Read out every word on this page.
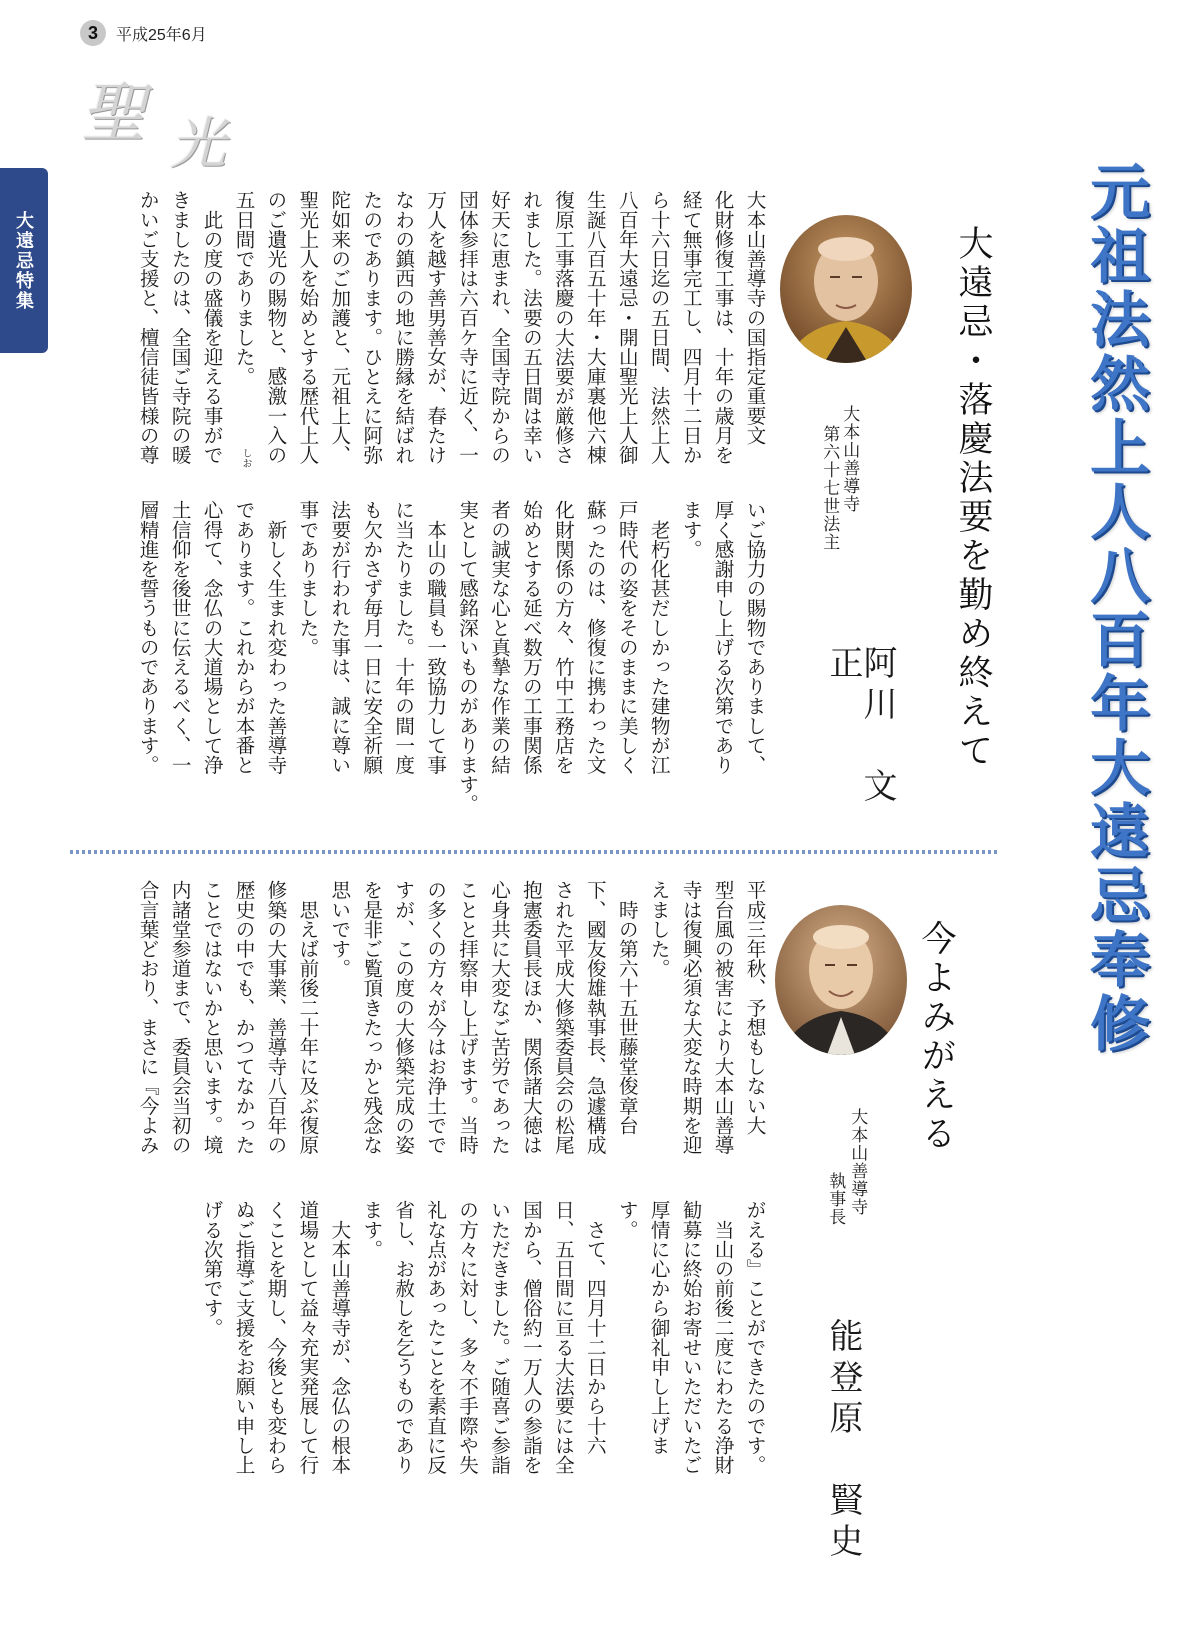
3	平成25年6月
聖 光
大遠忌特集	元祖法然上人八百年大遠忌奉修
大遠忌・落慶法要を勤め終えて
大本山善導寺
第六十七世法主
阿川　文正
大本山善導寺の国指定重要文
化財修復工事は、十年の歳月を
経て無事完工し、四月十二日か
ら十六日迄の五日間、法然上人
八百年大遠忌・開山聖光上人御
生誕八百五十年・大庫裏他六棟
復原工事落慶の大法要が厳修さ
れました。法要の五日間は幸い
好天に恵まれ、全国寺院からの
団体参拝は六百ケ寺に近く、一
万人を越す善男善女が、春たけ
なわの鎮西の地に勝縁を結ばれ
たのであります。ひとえに阿弥
陀如来のご加護と、元祖上人、
聖光上人を始めとする歴代上人
のご遺光の賜物と、感激一入の
五日間でありました。
　此の度の盛儀を迎える事がで
きましたのは、全国ご寺院の暖
かいご支援と、檀信徒皆様の尊
いご協力の賜物でありまして、
厚く感謝申し上げる次第であり
ます。
　老朽化甚だしかった建物が江
戸時代の姿をそのままに美しく
蘇ったのは、修復に携わった文
化財関係の方々、竹中工務店を
始めとする延べ数万の工事関係
者の誠実な心と真摯な作業の結
実として感銘深いものがあります。
　本山の職員も一致協力して事
に当たりました。十年の間一度
も欠かさず毎月一日に安全祈願
法要が行われた事は、誠に尊い
事でありました。
　新しく生まれ変わった善導寺
であります。これからが本番と
心得て、念仏の大道場として浄
土信仰を後世に伝えるべく、一
層精進を誓うものであります。
しお
今よみがえる
大本山善導寺
執事長
能登原　賢史
平成三年秋、予想もしない大
型台風の被害により大本山善導
寺は復興必須な大変な時期を迎
えました。
　時の第六十五世藤堂俊章台
下、國友俊雄執事長、急遽構成
された平成大修築委員会の松尾
抱憲委員長ほか、関係諸大徳は
心身共に大変なご苦労であった
ことと拝察申し上げます。当時
の多くの方々が今はお浄土でで
すが、この度の大修築完成の姿
を是非ご覧頂きたっかと残念な
思いです。
　思えば前後二十年に及ぶ復原
修築の大事業、善導寺八百年の
歴史の中でも、かつてなかった
ことではないかと思います。境
内諸堂参道まで、委員会当初の
合言葉どおり、まさに『今よみ
がえる』ことができたのです。
　当山の前後二度にわたる浄財
勧募に終始お寄せいただいたご
厚情に心から御礼申し上げま
す。
　さて、四月十二日から十六
日、五日間に亘る大法要には全
国から、僧俗約一万人の参詣を
いただきました。ご随喜ご参詣
の方々に対し、多々不手際や失
礼な点があったことを素直に反
省し、お赦しを乞うものであり
ます。
　大本山善導寺が、念仏の根本
道場として益々充実発展して行
くことを期し、今後とも変わら
ぬご指導ご支援をお願い申し上
げる次第です。
